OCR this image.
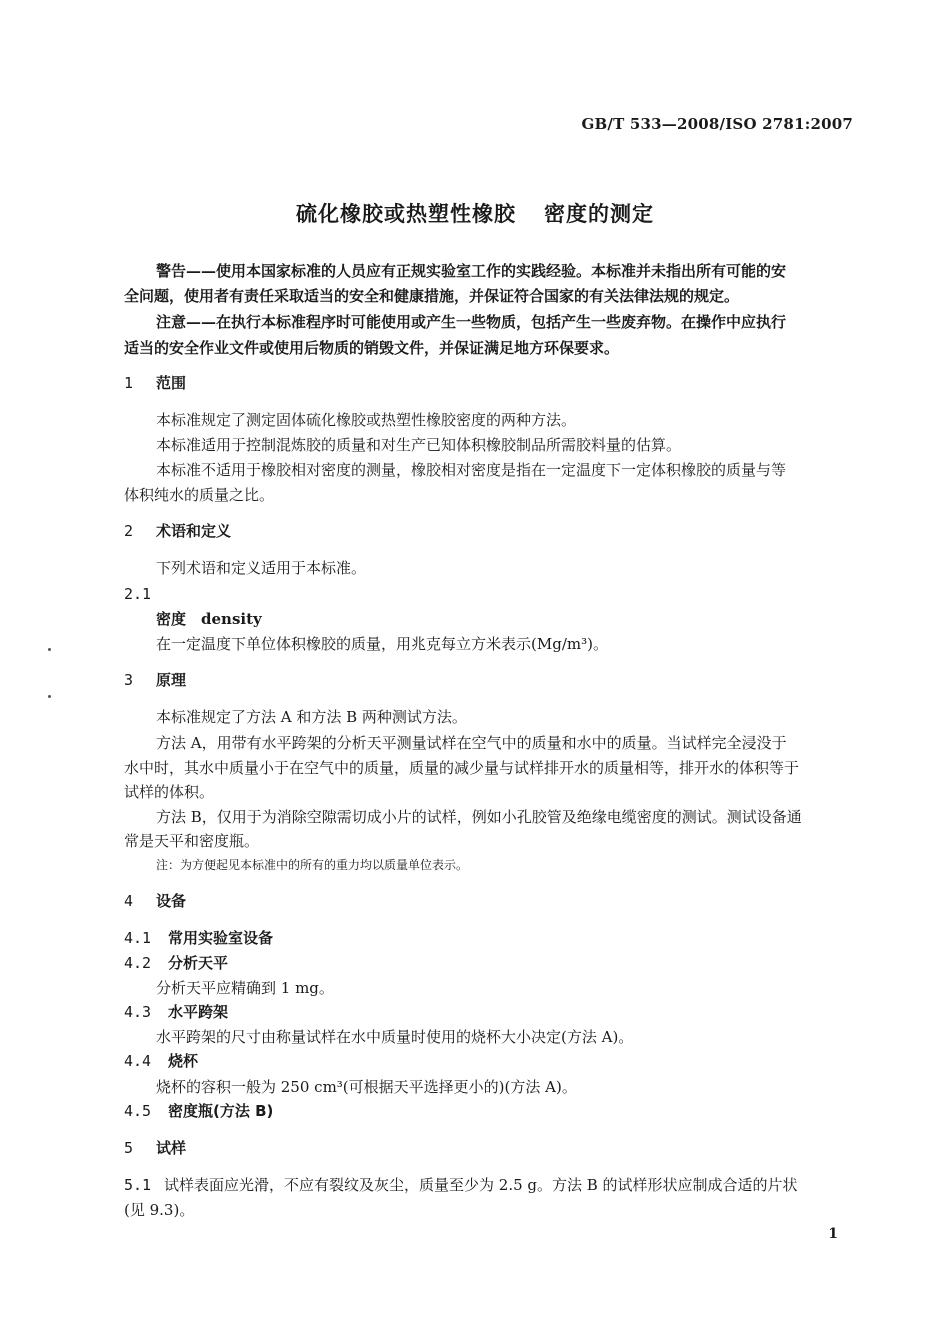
GB/T 533—2008/ISO 2781:2007
硫化橡胶或热塑性橡胶 密度的测定
警告——使用本国家标准的人员应有正规实验室工作的实践经验。本标准并未指出所有可能的安
全问题，使用者有责任采取适当的安全和健康措施，并保证符合国家的有关法律法规的规定。
注意——在执行本标准程序时可能使用或产生一些物质，包括产生一些废弃物。在操作中应执行
适当的安全作业文件或使用后物质的销毁文件，并保证满足地方环保要求。
1 范围
本标准规定了测定固体硫化橡胶或热塑性橡胶密度的两种方法。
本标准适用于控制混炼胶的质量和对生产已知体积橡胶制品所需胶料量的估算。
本标准不适用于橡胶相对密度的测量，橡胶相对密度是指在一定温度下一定体积橡胶的质量与等
体积纯水的质量之比。
2 术语和定义
下列术语和定义适用于本标准。
2.1
密度　density
在一定温度下单位体积橡胶的质量，用兆克每立方米表示(Mg/m³)。
3 原理
本标准规定了方法 A 和方法 B 两种测试方法。
方法 A，用带有水平跨架的分析天平测量试样在空气中的质量和水中的质量。当试样完全浸没于
水中时，其水中质量小于在空气中的质量，质量的减少量与试样排开水的质量相等，排开水的体积等于
试样的体积。
方法 B，仅用于为消除空隙需切成小片的试样，例如小孔胶管及绝缘电缆密度的测试。测试设备通
常是天平和密度瓶。
注：为方便起见本标准中的所有的重力均以质量单位表示。
4 设备
4.1 常用实验室设备
4.2 分析天平
分析天平应精确到 1 mg。
4.3 水平跨架
水平跨架的尺寸由称量试样在水中质量时使用的烧杯大小决定(方法 A)。
4.4 烧杯
烧杯的容积一般为 250 cm³(可根据天平选择更小的)(方法 A)。
4.5 密度瓶(方法 B)
5 试样
5.1 试样表面应光滑，不应有裂纹及灰尘，质量至少为 2.5 g。方法 B 的试样形状应制成合适的片状
(见 9.3)。
1
